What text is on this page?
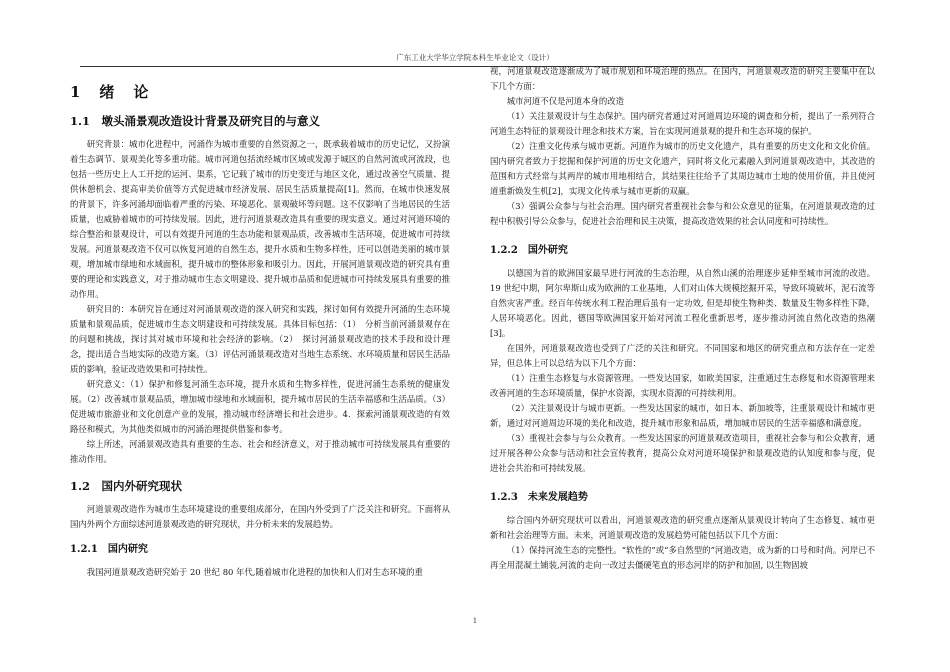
广东工业大学华立学院本科生毕业论文（设计）
1　绪　论
1.1　墩头涌景观改造设计背景及研究目的与意义

研究背景：城市化进程中，河涌作为城市重要的自然资源之一，既承载着城市的历史记忆，又扮演着生态调节、景观美化等多重功能。城市河道包括流经城市区域或发源于城区的自然河流或河流段，也包括一些历史上人工开挖的运河、渠系，它记载了城市的历史变迁与地区文化，通过改善空气质量、提供休憩机会、提高审美价值等方式促进城市经济发展、居民生活质量提高[1]。然而，在城市快速发展的背景下，许多河涌却面临着严重的污染、环境恶化、景观破坏等问题。这不仅影响了当地居民的生活质量，也威胁着城市的可持续发展。因此，进行河道景观改造具有重要的现实意义。通过对河道环境的综合整治和景观设计，可以有效提升河道的生态功能和景观品质，改善城市生活环境，促进城市可持续发展。河道景观改造不仅可以恢复河道的自然生态，提升水质和生物多样性，还可以创造美丽的城市景观，增加城市绿地和水域面积，提升城市的整体形象和吸引力。因此，开展河道景观改造的研究具有重要的理论和实践意义，对于推动城市生态文明建设、提升城市品质和促进城市可持续发展具有重要的推动作用。

研究目的：本研究旨在通过对河涌景观改造的深入研究和实践，探讨如何有效提升河涌的生态环境质量和景观品质，促进城市生态文明建设和可持续发展。具体目标包括：（1）　分析当前河涌景观存在的问题和挑战，探讨其对城市环境和社会经济的影响。（2）　探讨河涌景观改造的技术手段和设计理念，提出适合当地实际的改造方案。（3）评估河涌景观改造对当地生态系统、水环境质量和居民生活品质的影响，验证改造效果和可持续性。

研究意义：（1）保护和修复河涌生态环境，提升水质和生物多样性，促进河涌生态系统的健康发展。（2）改善城市景观品质，增加城市绿地和水域面积，提升城市居民的生活幸福感和生活品质。（3）促进城市旅游业和文化创意产业的发展，推动城市经济增长和社会进步。4．探索河涌景观改造的有效路径和模式，为其他类似城市的河涌治理提供借鉴和参考。

综上所述，河涌景观改造具有重要的生态、社会和经济意义，对于推动城市可持续发展具有重要的推动作用。

1.2　国内外研究现状

河道景观改造作为城市生态环境建设的重要组成部分，在国内外受到了广泛关注和研究。下面将从国内外两个方面综述河道景观改造的研究现状，并分析未来的发展趋势。

1.2.1　国内研究

我国河道景观改造研究始于 20 世纪 80 年代,随着城市化进程的加快和人们对生态环境的重

视，河道景观改造逐渐成为了城市规划和环境治理的热点。在国内，河道景观改造的研究主要集中在以下几个方面：

城市河道不仅是河道本身的改造

（1）关注景观设计与生态保护。国内研究者通过对河道周边环境的调查和分析，提出了一系列符合河道生态特征的景观设计理念和技术方案，旨在实现河道景观的提升和生态环境的保护。

（2）注重文化传承与城市更新。河道作为城市的历史文化遗产，具有重要的历史文化和文化价值。国内研究者致力于挖掘和保护河道的历史文化遗产，同时将文化元素融入到河道景观改造中，其改造的范围和方式经常与其两岸的城市用地相结合，其结果往往给予了其周边城市土地的使用价值，并且使河道重新焕发生机[2]，实现文化传承与城市更新的双赢。

（3）强调公众参与与社会治理。国内研究者重视社会参与和公众意见的征集，在河道景观改造的过程中积极引导公众参与，促进社会治理和民主决策，提高改造效果的社会认同度和可持续性。

1.2.2　国外研究

以德国为首的欧洲国家最早进行河流的生态治理，从自然山溪的治理逐步延伸至城市河流的改造。19 世纪中期，阿尔卑斯山成为欧洲的工业基地，人们对山体大规模挖掘开采，导致环境破坏，泥石流等自然灾害严重。经百年传统水利工程治理后虽有一定功效, 但是却使生物种类、数量及生物多样性下降，人居环境恶化。因此，德国等欧洲国家开始对河流工程化重新思考，逐步推动河流自然化改造的热潮[3]。

在国外，河道景观改造也受到了广泛的关注和研究。不同国家和地区的研究重点和方法存在一定差异，但总体上可以总结为以下几个方面：

（1）注重生态修复与水资源管理。一些发达国家，如欧美国家，注重通过生态修复和水资源管理来改善河道的生态环境质量，保护水资源，实现水资源的可持续利用。

（2）关注景观设计与城市更新。一些发达国家的城市，如日本、新加坡等，注重景观设计和城市更新，通过对河道周边环境的美化和改造，提升城市形象和品质，增加城市居民的生活幸福感和满意度。

（3）重视社会参与与公众教育。一些发达国家的河道景观改造项目，重视社会参与和公众教育，通过开展各种公众参与活动和社会宣传教育，提高公众对河道环境保护和景观改造的认知度和参与度，促进社会共治和可持续发展。

1.2.3　未来发展趋势

综合国内外研究现状可以看出，河道景观改造的研究重点逐渐从景观设计转向了生态修复、城市更新和社会治理等方面。未来，河道景观改造的发展趋势可能包括以下几个方面：

（1）保持河流生态的完整性。“软性的”或“多自然型的”河道改造，成为新的口号和时尚。河岸已不再全用混凝土铺装,河流的走向一改过去僵硬笔直的形态河岸的防护和加固, 以生物固坡

1
